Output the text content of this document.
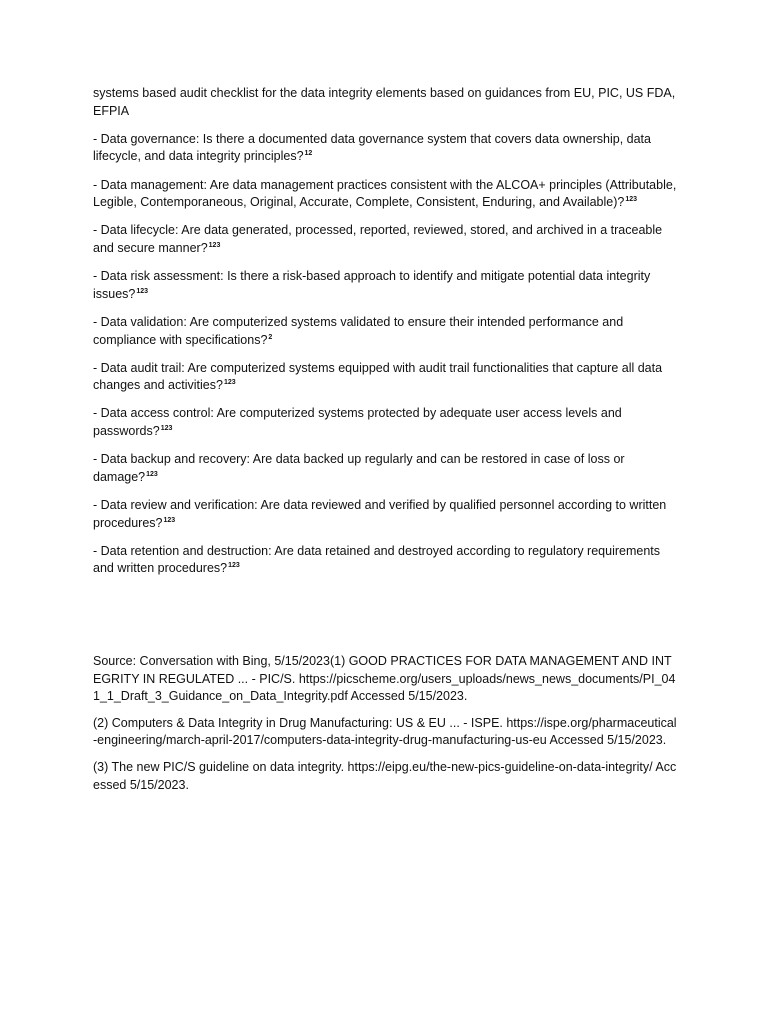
systems based audit checklist for the data integrity elements based on guidances from EU, PIC, US FDA, EFPIA

- Data governance: Is there a documented data governance system that covers data ownership, data lifecycle, and data integrity principles?$^{12}$

- Data management: Are data management practices consistent with the ALCOA+ principles (Attributable, Legible, Contemporaneous, Original, Accurate, Complete, Consistent, Enduring, and Available)?$^{123}$

- Data lifecycle: Are data generated, processed, reported, reviewed, stored, and archived in a traceable and secure manner?$^{123}$

- Data risk assessment: Is there a risk-based approach to identify and mitigate potential data integrity issues?$^{123}$

- Data validation: Are computerized systems validated to ensure their intended performance and compliance with specifications?$^2$

- Data audit trail: Are computerized systems equipped with audit trail functionalities that capture all data changes and activities?$^{123}$

- Data access control: Are computerized systems protected by adequate user access levels and passwords?$^{123}$

- Data backup and recovery: Are data backed up regularly and can be restored in case of loss or damage?$^{123}$

- Data review and verification: Are data reviewed and verified by qualified personnel according to written procedures?$^{123}$

- Data retention and destruction: Are data retained and destroyed according to regulatory requirements and written procedures?$^{123}$

Source: Conversation with Bing, 5/15/2023(1) GOOD PRACTICES FOR DATA MANAGEMENT AND INTEGRITY IN REGULATED ... - PIC/S. https://picscheme.org/users_uploads/news_news_documents/PI_041_1_Draft_3_Guidance_on_Data_Integrity.pdf Accessed 5/15/2023.

(2) Computers & Data Integrity in Drug Manufacturing: US & EU ... - ISPE. https://ispe.org/pharmaceutical-engineering/march-april-2017/computers-data-integrity-drug-manufacturing-us-eu Accessed 5/15/2023.

(3) The new PIC/S guideline on data integrity. https://eipg.eu/the-new-pics-guideline-on-data-integrity/ Accessed 5/15/2023.
